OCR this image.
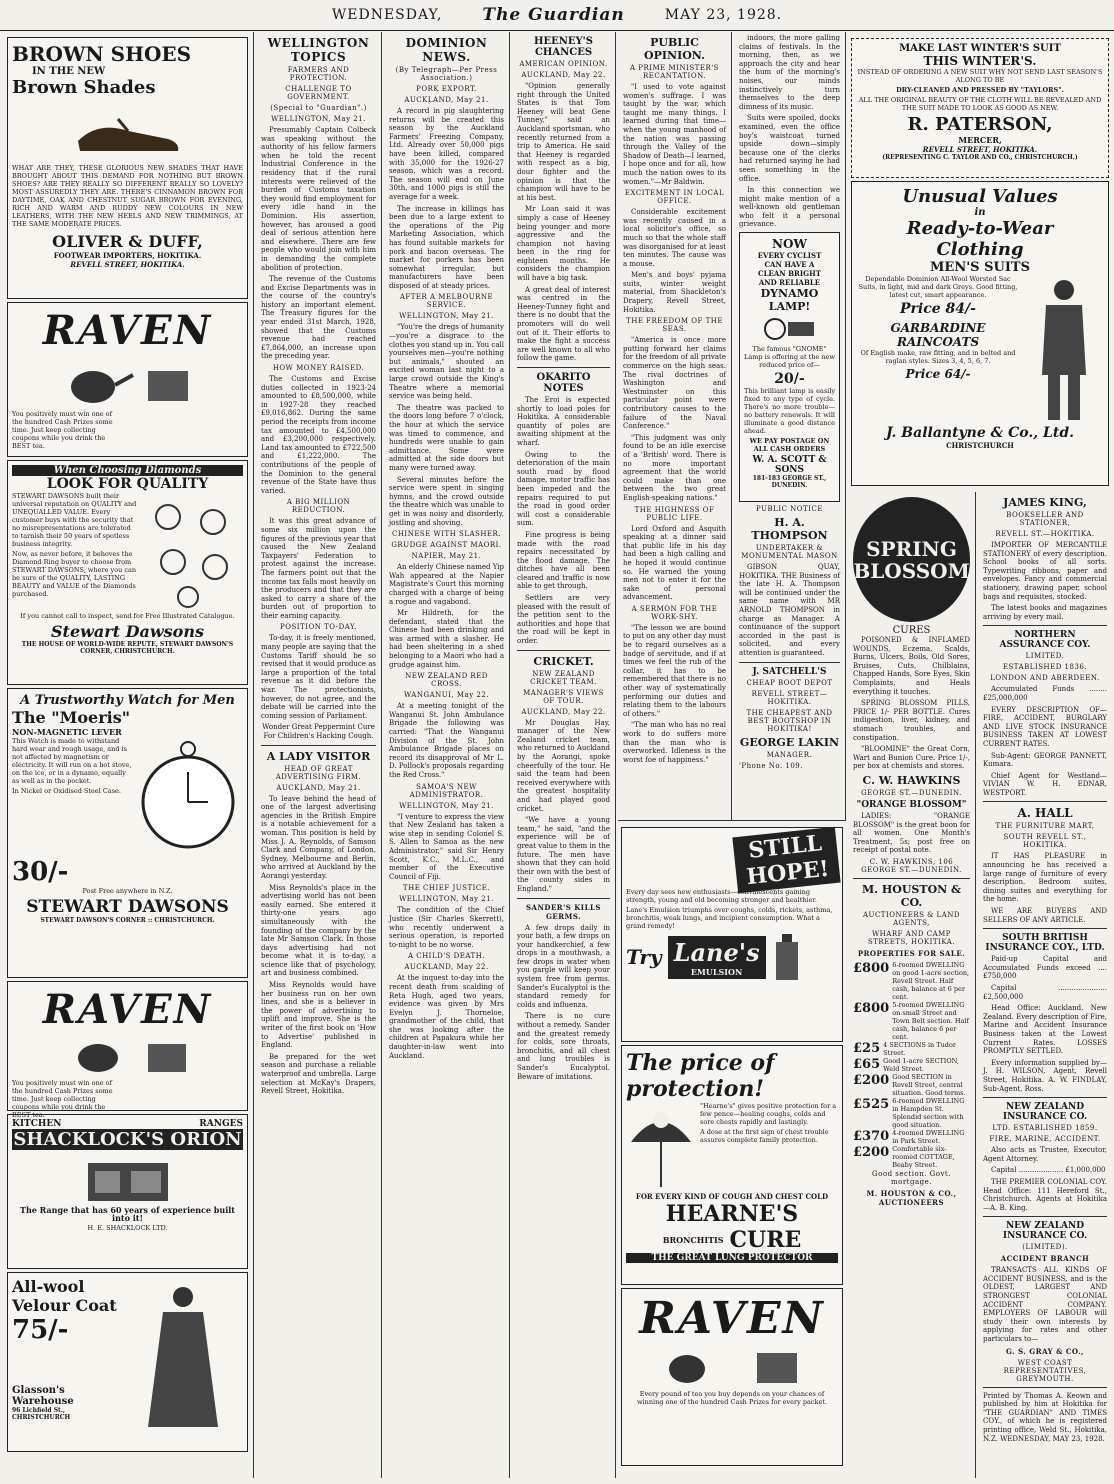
WEDNESDAY, The Guardian	MAY 23, 1928.
BROWN SHOES
IN THE NEW
Brown Shades

WHAT ARE THEY, THESE GLORIOUS NEW SHADES THAT HAVE BROUGHT ABOUT THIS DEMAND FOR NOTHING BUT BROWN SHOES? ARE THEY REALLY SO DIFFERENT REALLY SO LOVELY? MOST ASSUREDLY THEY ARE. THERE'S CINNAMON BROWN FOR DAYTIME, OAK AND CHESTNUT SUGAR BROWN FOR EVENING, RICH AND WARM AND RUDDY NEW COLOURS IN NEW LEATHERS, WITH THE NEW HEELS AND NEW TRIMMINGS, AT THE SAME MODERATE PRICES.

OLIVER & DUFF,
FOOTWEAR IMPORTERS, HOKITIKA.
REVELL STREET, HOKITIKA.
RAVEN

You positively must win one of the hundred Cash Prizes some time. Just keep collecting coupons while you drink the BEST tea.

When Choosing Diamonds
LOOK FOR QUALITY

STEWART DAWSONS built their universal reputation on QUALITY and UNEQUALLED VALUE. Every customer buys with the security that no misrepresentations are tolerated to tarnish their 50 years of spotless business integrity.

Now, as never before, it behoves the Diamond Ring buyer to choose from STEWART DAWSONS, where you can be sure of the QUALITY, LASTING BEAUTY and VALUE of the Diamonds purchased.

If you cannot call to inspect, send for Free Illustrated Catalogue.

Stewart Dawsons
THE HOUSE OF WORLD-WIDE REPUTE, STEWART DAWSON'S CORNER, CHRISTCHURCH.
A Trustworthy Watch for Men
The "Moeris"
NON-MAGNETIC LEVER

This Watch is made to withstand hard wear and rough usage, and is not affected by magnetism or electricity. It will run on a hot stove, on the ice, or in a dynamo, equally as well as in the pocket.

In Nickel or Oxidised Steel Case.

30/-

Post Free anywhere in N.Z.

STEWART DAWSONS
STEWART DAWSON'S CORNER :: CHRISTCHURCH.
RAVEN

You positively must win one of the hundred Cash Prizes some time. Just keep collecting coupons while you drink the BEST tea.

KITCHEN	RANGES
SHACKLOCK'S ORION

The Range that has 60 years of experience built into it!

H. E. SHACKLOCK LTD.

All-wool Velour Coat
75/-
Glasson's Warehouse
96 Lichfield St., CHRISTCHURCH
WELLINGTON TOPICS
FARMERS AND PROTECTION.
CHALLENGE TO GOVERNMENT.
(Special to "Guardian".)
WELLINGTON, May 21.

Presumably Captain Colbeck was speaking without the authority of his fellow farmers when he told the recent Industrial Conference in the residency that if the rural interests were relieved of the burden of Customs taxation they would find employment for every idle hand in the Dominion. His assertion, however, has aroused a good deal of serious attention here and elsewhere. There are few people who would join with him in demanding the complete abolition of protection.

The revenue of the Customs and Excise Departments was in the course of the country's history an important element. The Treasury figures for the year ended 31st March, 1928, showed that the Customs revenue had reached £7,864,000, an increase upon the preceding year.

HOW MONEY RAISED.

The Customs and Excise duties collected in 1923-24 amounted to £8,500,000, while in 1927-28 they reached £9,016,862. During the same period the receipts from income tax amounted to £4,500,000 and £3,200,000 respectively. Land tax amounted to £722,500 and £1,222,000. The contributions of the people of the Dominion to the general revenue of the State have thus varied.

A BIG MILLION REDUCTION.

It was this great advance of some six million upon the figures of the previous year that caused the New Zealand Taxpayers' Federation to protest against the increase. The farmers point out that the income tax falls most heavily on the producers and that they are asked to carry a share of the burden out of proportion to their earning capacity.

POSITION TO-DAY.

To-day, it is freely mentioned, many people are saying that the Customs Tariff should be so revised that it would produce as large a proportion of the total revenue as it did before the war. The protectionists, however, do not agree, and the debate will be carried into the coming session of Parliament.

Wonder Great Peppermint Cure For Children's Hacking Cough.

A LADY VISITOR
HEAD OF GREAT ADVERTISING FIRM.
AUCKLAND, May 21.

To leave behind the head of one of the largest advertising agencies in the British Empire is a notable achievement for a woman. This position is held by Miss J. A. Reynolds, of Samson Clark and Company, of London, Sydney, Melbourne and Berlin, who arrived at Auckland by the Aorangi yesterday.

Miss Reynolds's place in the advertising world has not been easily earned. She entered it thirty-one years ago simultaneously with the founding of the company by the late Mr Samson Clark. In those days advertising had not become what it is to-day, a science like that of psychology, art and business combined.

Miss Reynolds would have her business run on her own lines, and she is a believer in the power of advertising to uplift and improve. She is the writer of the first book on 'How to Advertise' published in England.

Be prepared for the wet season and purchase a reliable waterproof and umbrella. Large selection at McKay's Drapers, Revell Street, Hokitika.

DOMINION NEWS.
(By Telegraph—Per Press Association.)
PORK EXPORT.
AUCKLAND, May 21.

A record in pig slaughtering returns will be created this season by the Auckland Farmers' Freezing Company, Ltd. Already over 50,000 pigs have been killed, compared with 35,000 for the 1926-27 season, which was a record. The season will end on June 30th, and 1000 pigs is still the average for a week.

The increase in killings has been due to a large extent to the operations of the Pig Marketing Association, which has found suitable markets for pork and bacon overseas. The market for porkers has been somewhat irregular, but manufacturers have been disposed of at steady prices.

AFTER A MELBOURNE SERVICE.
WELLINGTON, May 21.

"You're the dregs of humanity—you're a disgrace to the clothes you stand up in. You call yourselves men—you're nothing but animals," shouted an excited woman last night to a large crowd outside the King's Theatre where a memorial service was being held.

The theatre was packed to the doors long before 7 o'clock, the hour at which the service was timed to commence, and hundreds were unable to gain admittance. Some were admitted at the side doors but many were turned away.

Several minutes before the service were spent in singing hymns, and the crowd outside the theatre which was unable to get in was noisy and disorderly, jostling and shoving.

CHINESE WITH SLASHER.
GRUDGE AGAINST MAORI.
NAPIER, May 21.

An elderly Chinese named Yip Wah appeared at the Napier Magistrate's Court this morning charged with a charge of being a rogue and vagabond.

Mr Hildreth, for the defendant, stated that the Chinese had been drinking and was armed with a slasher. He had been sheltering in a shed belonging to a Maori who had a grudge against him.

NEW ZEALAND RED CROSS.
WANGANUI, May 22.

At a meeting tonight of the Wanganui St. John Ambulance Brigade the following was carried: "That the Wanganui Division of the St. John Ambulance Brigade places on record its disapproval of Mr L. D. Pollock's proposals regarding the Red Cross."

SAMOA'S NEW ADMINISTRATOR.
WELLINGTON, May 21.

"I venture to express the view that New Zealand has taken a wise step in sending Colonel S. S. Allen to Samoa as the new Administrator," said Sir Henry Scott, K.C., M.L.C., and member of the Executive Council of Fiji.

THE CHIEF JUSTICE.
WELLINGTON, May 21.

The condition of the Chief Justice (Sir Charles Skerrett), who recently underwent a serious operation, is reported to-night to be no worse.

A CHILD'S DEATH.
AUCKLAND, May 22.

At the inquest to-day into the recent death from scalding of Reta Hugh, aged two years, evidence was given by Mrs Evelyn J. Thorneloe, grandmother of the child, that she was looking after the children at Papakura while her daughter-in-law went into Auckland.

HEENEY'S CHANCES
AMERICAN OPINION.
AUCKLAND, May 22.

"Opinion generally right through the United States is that Tom Heeney will beat Gene Tunney," said an Auckland sportsman, who recently returned from a trip to America. He said that Heeney is regarded with respect as a big, dour fighter and the opinion is that the champion will have to be at his best.

Mr Loan said it was simply a case of Heeney being younger and more aggressive and the champion not having been in the ring for eighteen months. He considers the champion will have a big task.

A great deal of interest was centred in the Heeney-Tunney fight and there is no doubt that the promoters will do well out of it. Their efforts to make the fight a success are well known to all who follow the game.

OKARITO NOTES

The Eroi is expected shortly to load poles for Hokitika. A considerable quantity of poles are awaiting shipment at the wharf.

Owing to the deterioration of the main south road by flood damage, motor traffic has been impeded and the repairs required to put the road in good order will cost a considerable sum.

Fine progress is being made with the road repairs necessitated by the flood damage. The ditches have all been cleared and traffic is now able to get through.

Settlers are very pleased with the result of the petition sent to the authorities and hope that the road will be kept in order.

CRICKET.
NEW ZEALAND CRICKET TEAM.
MANAGER'S VIEWS OF TOUR.
AUCKLAND, May 22.

Mr Douglas Hay, manager of the New Zealand cricket team, who returned to Auckland by the Aorangi, spoke cheerfully of the tour. He said the team had been received everywhere with the greatest hospitality and had played good cricket.

"We have a young team," he said, "and the experience will be of great value to them in the future. The men have shown that they can hold their own with the best of the county sides in England."

SANDER'S KILLS GERMS.

A few drops daily in your bath, a few drops on your handkerchief, a few drops in a mouthwash, a few drops in water when you gargle will keep your system free from germs. Sander's Eucalyptol is the standard remedy for colds and influenza.

There is no cure without a remedy. Sander and the greatest remedy for colds, sore throats, bronchitis, and all chest and lung troubles is Sander's Eucalyptol. Beware of imitations.

PUBLIC OPINION.
A PRIME MINISTER'S RECANTATION.

"I used to vote against women's suffrage. I was taught by the war, which taught me many things. I learned during that time—when the young manhood of the nation was passing through the Valley of the Shadow of Death—I learned, I hope once and for all, how much the nation owes to its women."—Mr Baldwin.

EXCITEMENT IN LOCAL OFFICE.

Considerable excitement was recently caused in a local solicitor's office, so much so that the whole staff was disorganised for at least ten minutes. The cause was a mouse.

Men's and boys' pyjama suits, winter weight material, from Shackleton's Drapery, Revell Street, Hokitika.

THE FREEDOM OF THE SEAS.

"America is once more putting forward her claims for the freedom of all private commerce on the high seas. The rival doctrines of Washington and Westminster on this particular point were contributory causes to the failure of the Naval Conference."

"This judgment was only found to be an idle exercise of a 'British' word. There is no more important agreement that the world could make than one between the two great English-speaking nations."

THE HIGHNESS OF PUBLIC LIFE.

Lord Oxford and Asquith speaking at a dinner said that public life in his day had been a high calling and he hoped it would continue so. He warned the young men not to enter it for the sake of personal advancement.

A SERMON FOR THE WORK-SHY.

"The lesson we are bound to put on any other day must be to regard ourselves as a badge of servitude, and if at times we feel the rub of the collar, it has to be remembered that there is no other way of systematically performing our duties and relating them to the labours of others."

"The man who has no real work to do suffers more than the man who is overworked. Idleness is the worst foe of happiness."

indoors, the more galling claims of festivals. In the morning, then, as we approach the city and hear the hum of the morning's noises, our minds instinctively turn themselves to the deep dimness of its music.

Suits were spoiled, docks examined, even the office boy's waistcoat turned upside down—simply because one of the clerks had returned saying he had seen something in the office.

In this connection we might make mention of a well-known old gentleman who felt it a personal grievance.

NOW
EVERY CYCLIST
CAN HAVE A
CLEAN BRIGHT
AND RELIABLE
DYNAMO LAMP!

The famous "GNOME" Lamp is offering at the new reduced price of—

20/-

This brilliant lamp is easily fixed to any type of cycle. There's no more trouble—no battery renewals. It will illuminate a good distance ahead.

WE PAY POSTAGE ON ALL CASH ORDERS

W. A. SCOTT & SONS
181-183 GEORGE ST., DUNEDIN.
PUBLIC NOTICE
H. A. THOMPSON
UNDERTAKER & MONUMENTAL MASON

GIBSON QUAY, HOKITIKA. THE Business of the late H. A. Thompson will be continued under the same name with MR ARNOLD THOMPSON in charge as Manager. A continuance of the support accorded in the past is solicited, and every attention is guaranteed.

J. SATCHELL'S
CHEAP BOOT DEPOT
REVELL STREET—HOKITIKA.
THE CHEAPEST AND BEST BOOTSHOP IN HOKITIKA!
GEORGE LAKIN
MANAGER.
'Phone No. 109.
STILL
HOPE!

Every day sees new enthusiasts—convalescents gaining strength, young and old becoming stronger and healthier.

Lane's Emulsion triumphs over coughs, colds, rickets, asthma, bronchitis, weak lungs, and incipient consumption. What a grand remedy!

Try Lane's
EMULSION
The price of
protection!

"Hearne's" gives positive protection for a few pence—healing coughs, colds and sore chests rapidly and lastingly.

A dose at the first sign of chest trouble assures complete family protection.

FOR EVERY KIND OF COUGH AND CHEST COLD
HEARNE'S
BRONCHITIS CURE
THE GREAT LUNG PROTECTOR
RAVEN

Every pound of tea you buy depends on your chances of winning one of the hundred Cash Prizes for every packet.

MAKE LAST WINTER'S SUIT
THIS WINTER'S.

INSTEAD OF ORDERING A NEW SUIT WHY NOT SEND LAST SEASON'S ALONG TO BE

DRY-CLEANED AND PRESSED BY "TAYLORS".

ALL THE ORIGINAL BEAUTY OF THE CLOTH WILL BE REVEALED AND THE SUIT MADE TO LOOK AS GOOD AS NEW.

R. PATERSON,
MERCER,
REVELL STREET, HOKITIKA.
(REPRESENTING C. TAYLOR AND CO., CHRISTCHURCH.)
Unusual Values
in
Ready-to-Wear
Clothing
MEN'S SUITS

Dependable Dominion All-Wool Worsted Sac Suits, in light, mid and dark Greys. Good fitting, latest cut, smart appearance.

Price 84/-
GARBARDINE
RAINCOATS

Of English make, raw fitting, and in belted and raglan styles. Sizes 3, 4, 5, 6, 7.

Price 64/-
J. Ballantyne & Co., Ltd.
CHRISTCHURCH
SPRING BLOSSOM
CURES

POISONED & INFLAMED WOUNDS, Eczema, Scalds, Burns, Ulcers, Boils, Old Sores, Bruises, Cuts, Chilblains, Chapped Hands, Sore Eyes, Skin Complaints, and Heals everything it touches.

SPRING BLOSSOM PILLS, PRICE 1/- PER BOTTLE. Cures indigestion, liver, kidney, and stomach troubles, and constipation.

"BLOOMINE" the Great Corn, Wart and Bunion Cure. Price 1/-, per box at chemists and stores.

C. W. HAWKINS
GEORGE ST.—DUNEDIN.
"ORANGE BLOSSOM"

LADIES: "ORANGE BLOSSOM" is the great boon for all women. One Month's Treatment, 5s; post free on receipt of postal note.

C. W. HAWKINS, 106 GEORGE ST.—DUNEDIN.
M. HOUSTON & CO.
AUCTIONEERS & LAND AGENTS,
WHARF AND CAMP STREETS, HOKITIKA.
PROPERTIES FOR SALE.
£800 6-roomed DWELLING on good 1-acre section, Revell Street. Half cash, balance at 6 per cent.
£800 5-roomed DWELLING on small Street and Town Belt section. Half cash, balance 6 per cent.
£25 4 SECTIONS in Tudor Street.
£65 Good 1-acre SECTION, Weld Street.
£200 Good SECTION in Revell Street, central situation. Good terms.
£525 6-roomed DWELLING in Hampden St. Splendid section with good situation.
£370 4-roomed DWELLING in Park Street.
£200 Comfortable six-roomed COTTAGE, Beaby Street.
Good section. Govt. mortgage.
M. HOUSTON & CO., AUCTIONEERS
JAMES KING,
BOOKSELLER AND STATIONER,
REVELL ST.—HOKITIKA.

IMPORTER OF MERCANTILE STATIONERY of every description. School books of all sorts. Typewriting ribbons, paper and envelopes. Fancy and commercial stationery, drawing paper, school bags and requisites, stocked.

The latest books and magazines arriving by every mail.

NORTHERN ASSURANCE COY.
LIMITED.
ESTABLISHED 1836.
LONDON AND ABERDEEN.

Accumulated Funds ........ £25,000,000

EVERY DESCRIPTION OF—FIRE, ACCIDENT, BURGLARY AND LIVE STOCK INSURANCE BUSINESS TAKEN AT LOWEST CURRENT RATES.

Sub-Agent: GEORGE PANNETT, Kumara.

Chief Agent for Westland—VIVIAN W. H. EDNAR, WESTPORT.

A. HALL
THE FURNITURE MART,
SOUTH REVELL ST., HOKITIKA.

IT HAS PLEASURE in announcing he has received a large range of furniture of every description. Bedroom suites, dining suites and everything for the home.

WE ARE BUYERS AND SELLERS OF ANY ARTICLE.

SOUTH BRITISH INSURANCE COY., LTD.

Paid-up Capital and Accumulated Funds exceed .... £750,000

Capital ...................... £2,500,000

Head Office: Auckland, New Zealand. Every description of Fire, Marine and Accident Insurance Business taken at the Lowest Current Rates. LOSSES PROMPTLY SETTLED.

Every information supplied by—J. H. WILSON, Agent, Revell Street, Hokitika. A. W. FINDLAY, Sub-Agent, Ross.

NEW ZEALAND INSURANCE CO.
LTD. ESTABLISHED 1859.
FIRE, MARINE, ACCIDENT.

Also acts as Trustee, Executor, Agent Attorney.

Capital .................... £1,000,000

THE PREMIER COLONIAL COY. Head Office: 111 Hereford St., Christchurch. Agents at Hokitika—A. B. King.

NEW ZEALAND INSURANCE CO.
(LIMITED).
ACCIDENT BRANCH

TRANSACTS ALL KINDS OF ACCIDENT BUSINESS, and is the OLDEST, LARGEST AND STRONGEST COLONIAL ACCIDENT COMPANY. EMPLOYERS OF LABOUR will study their own interests by applying for rates and other particulars to—

G. S. GRAY & CO.,
WEST COAST REPRESENTATIVES, GREYMOUTH.

Printed by Thomas A. Keown and published by him at Hokitika for "THE GUARDIAN" AND TIMES COY., of which he is registered printing office, Weld St., Hokitika, N.Z. WEDNESDAY, MAY 23, 1928.
